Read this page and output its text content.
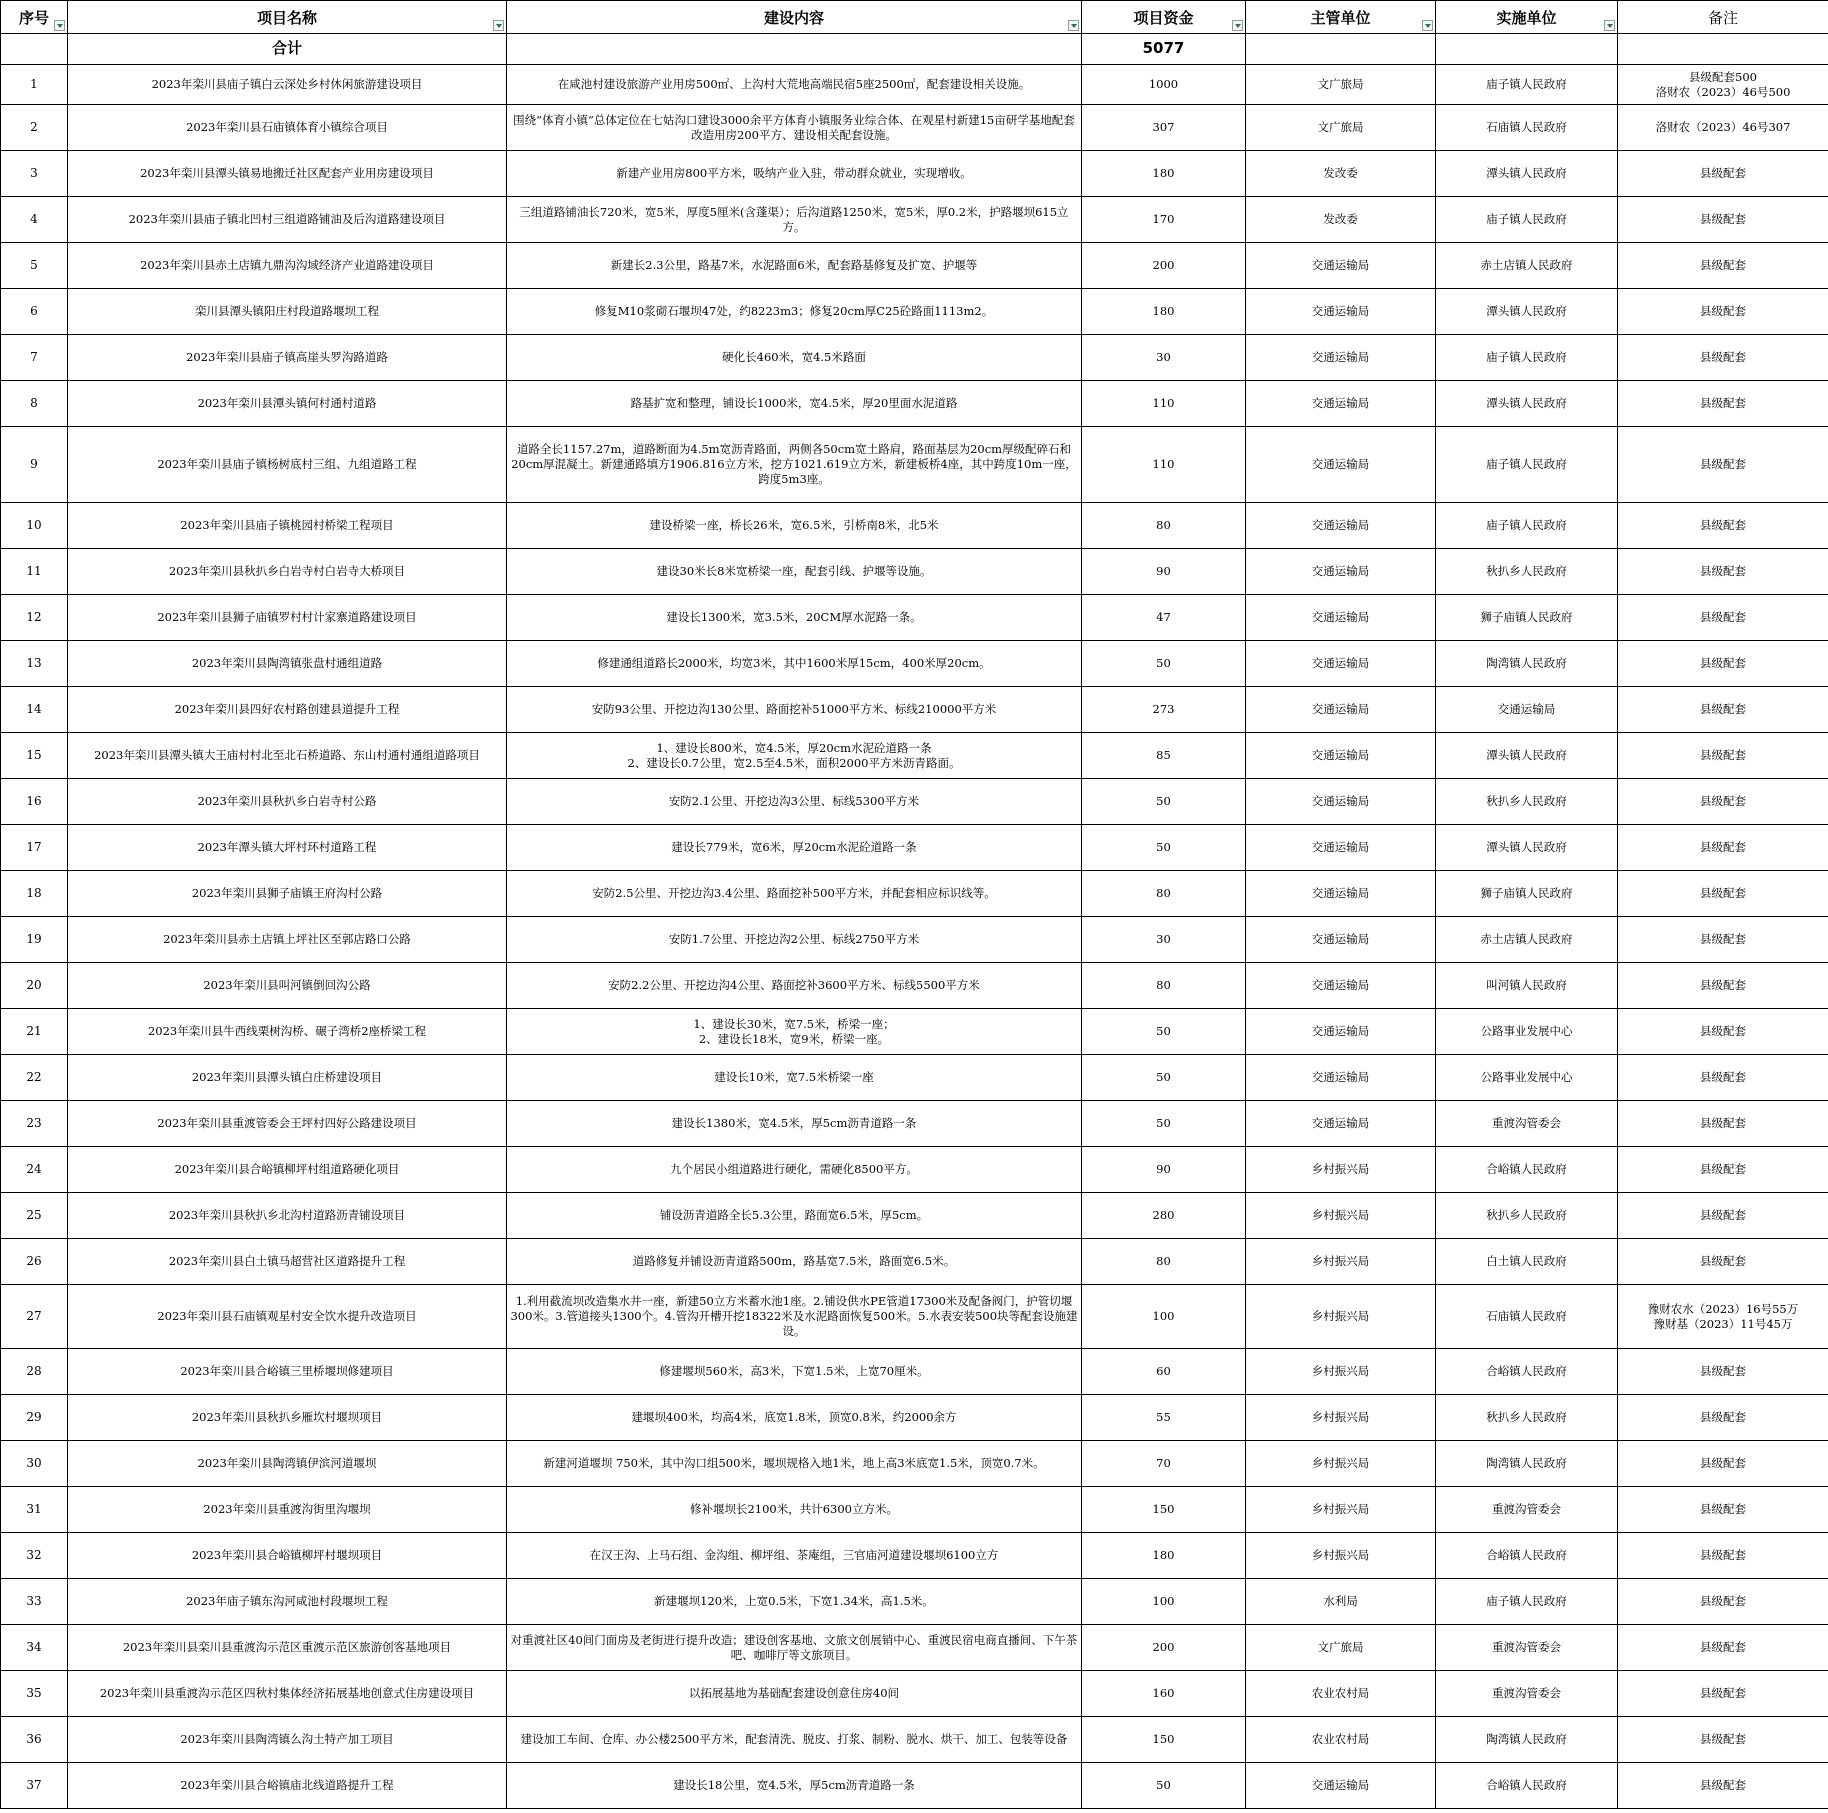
序号	项目名称	建设内容	项目资金	主管单位	实施单位	备注
	合计		5077			
1	2023年栾川县庙子镇白云深处乡村休闲旅游建设项目	在咸池村建设旅游产业用房500㎡、上沟村大荒地高端民宿5座2500㎡，配套建设相关设施。	1000	文广旅局	庙子镇人民政府	县级配套500
洛财农（2023）46号500
2	2023年栾川县石庙镇体育小镇综合项目	围绕“体育小镇”总体定位在七姑沟口建设3000余平方体育小镇服务业综合体、在观星村新建15亩研学基地配套改造用房200平方、建设相关配套设施。	307	文广旅局	石庙镇人民政府	洛财农（2023）46号307
3	2023年栾川县潭头镇易地搬迁社区配套产业用房建设项目	新建产业用房800平方米，吸纳产业入驻，带动群众就业，实现增收。	180	发改委	潭头镇人民政府	县级配套
4	2023年栾川县庙子镇北凹村三组道路铺油及后沟道路建设项目	三组道路铺油长720米，宽5米，厚度5厘米(含蓬渠）；后沟道路1250米，宽5米，厚0.2米，护路堰坝615立方。	170	发改委	庙子镇人民政府	县级配套
5	2023年栾川县赤土店镇九鼎沟沟域经济产业道路建设项目	新建长2.3公里，路基7米，水泥路面6米，配套路基修复及扩宽、护堰等	200	交通运输局	赤土店镇人民政府	县级配套
6	栾川县潭头镇阳庄村段道路堰坝工程	修复M10浆砌石堰坝47处，约8223m3；修复20cm厚C25砼路面1113m2。	180	交通运输局	潭头镇人民政府	县级配套
7	2023年栾川县庙子镇高崖头罗沟路道路	硬化长460米，宽4.5米路面	30	交通运输局	庙子镇人民政府	县级配套
8	2023年栾川县潭头镇何村通村道路	路基扩宽和整理，铺设长1000米，宽4.5米，厚20里面水泥道路	110	交通运输局	潭头镇人民政府	县级配套
9	2023年栾川县庙子镇杨树底村三组、九组道路工程	道路全长1157.27m，道路断面为4.5m宽沥青路面，两侧各50cm宽土路肩，路面基层为20cm厚级配碎石和20cm厚混凝土。新建通路填方1906.816立方米，挖方1021.619立方米，新建板桥4座，其中跨度10m一座，跨度5m3座。	110	交通运输局	庙子镇人民政府	县级配套
10	2023年栾川县庙子镇桃园村桥梁工程项目	建设桥梁一座，桥长26米，宽6.5米，引桥南8米，北5米	80	交通运输局	庙子镇人民政府	县级配套
11	2023年栾川县秋扒乡白岩寺村白岩寺大桥项目	建设30米长8米宽桥梁一座，配套引线、护堰等设施。	90	交通运输局	秋扒乡人民政府	县级配套
12	2023年栾川县狮子庙镇罗村村计家寨道路建设项目	建设长1300米，宽3.5米，20CM厚水泥路一条。	47	交通运输局	狮子庙镇人民政府	县级配套
13	2023年栾川县陶湾镇张盘村通组道路	修建通组道路长2000米，均宽3米，其中1600米厚15cm，400米厚20cm。	50	交通运输局	陶湾镇人民政府	县级配套
14	2023年栾川县四好农村路创建县道提升工程	安防93公里、开挖边沟130公里、路面挖补51000平方米、标线210000平方米	273	交通运输局	交通运输局	县级配套
15	2023年栾川县潭头镇大王庙村村北至北石桥道路、东山村通村通组道路项目	1、建设长800米，宽4.5米，厚20cm水泥砼道路一条
2、建设长0.7公里，宽2.5至4.5米，面积2000平方米沥青路面。	85	交通运输局	潭头镇人民政府	县级配套
16	2023年栾川县秋扒乡白岩寺村公路	安防2.1公里、开挖边沟3公里、标线5300平方米	50	交通运输局	秋扒乡人民政府	县级配套
17	2023年潭头镇大坪村环村道路工程	建设长779米，宽6米，厚20cm水泥砼道路一条	50	交通运输局	潭头镇人民政府	县级配套
18	2023年栾川县狮子庙镇王府沟村公路	安防2.5公里、开挖边沟3.4公里、路面挖补500平方米，并配套相应标识线等。	80	交通运输局	狮子庙镇人民政府	县级配套
19	2023年栾川县赤土店镇上坪社区至郭店路口公路	安防1.7公里、开挖边沟2公里、标线2750平方米	30	交通运输局	赤土店镇人民政府	县级配套
20	2023年栾川县叫河镇倒回沟公路	安防2.2公里、开挖边沟4公里、路面挖补3600平方米、标线5500平方米	80	交通运输局	叫河镇人民政府	县级配套
21	2023年栾川县牛西线栗树沟桥、碾子湾桥2座桥梁工程	1、建设长30米，宽7.5米，桥梁一座；
2、建设长18米，宽9米，桥梁一座。	50	交通运输局	公路事业发展中心	县级配套
22	2023年栾川县潭头镇白庄桥建设项目	建设长10米，宽7.5米桥梁一座	50	交通运输局	公路事业发展中心	县级配套
23	2023年栾川县重渡管委会王坪村四好公路建设项目	建设长1380米，宽4.5米，厚5cm沥青道路一条	50	交通运输局	重渡沟管委会	县级配套
24	2023年栾川县合峪镇柳坪村组道路硬化项目	九个居民小组道路进行硬化，需硬化8500平方。	90	乡村振兴局	合峪镇人民政府	县级配套
25	2023年栾川县秋扒乡北沟村道路沥青铺设项目	铺设沥青道路全长5.3公里，路面宽6.5米，厚5cm。	280	乡村振兴局	秋扒乡人民政府	县级配套
26	2023年栾川县白土镇马超营社区道路提升工程	道路修复并铺设沥青道路500m，路基宽7.5米，路面宽6.5米。	80	乡村振兴局	白土镇人民政府	县级配套
27	2023年栾川县石庙镇观星村安全饮水提升改造项目	1.利用截流坝改造集水井一座，新建50立方米蓄水池1座。2.铺设供水PE管道17300米及配备阀门，护管切堰300米。3.管道接头1300个。4.管沟开槽开挖18322米及水泥路面恢复500米。5.水表安装500块等配套设施建设。	100	乡村振兴局	石庙镇人民政府	豫财农水（2023）16号55万
豫财基（2023）11号45万
28	2023年栾川县合峪镇三里桥堰坝修建项目	修建堰坝560米，高3米，下宽1.5米，上宽70厘米。	60	乡村振兴局	合峪镇人民政府	县级配套
29	2023年栾川县秋扒乡雁坎村堰坝项目	建堰坝400米，均高4米，底宽1.8米，顶宽0.8米，约2000余方	55	乡村振兴局	秋扒乡人民政府	县级配套
30	2023年栾川县陶湾镇伊滨河道堰坝	新建河道堰坝 750米，其中沟口组500米，堰坝规格入地1米，地上高3米底宽1.5米，顶宽0.7米。	70	乡村振兴局	陶湾镇人民政府	县级配套
31	2023年栾川县重渡沟街里沟堰坝	修补堰坝长2100米，共计6300立方米。	150	乡村振兴局	重渡沟管委会	县级配套
32	2023年栾川县合峪镇柳坪村堰坝项目	在汉王沟、上马石组、金沟组、柳坪组、茶庵组，三官庙河道建设堰坝6100立方	180	乡村振兴局	合峪镇人民政府	县级配套
33	2023年庙子镇东沟河咸池村段堰坝工程	新建堰坝120米，上宽0.5米，下宽1.34米，高1.5米。	100	水利局	庙子镇人民政府	县级配套
34	2023年栾川县栾川县重渡沟示范区重渡示范区旅游创客基地项目	对重渡社区40间门面房及老街进行提升改造；建设创客基地、文旅文创展销中心、重渡民宿电商直播间、下午茶吧、咖啡厅等文旅项目。	200	文广旅局	重渡沟管委会	县级配套
35	2023年栾川县重渡沟示范区四秋村集体经济拓展基地创意式住房建设项目	以拓展基地为基础配套建设创意住房40间	160	农业农村局	重渡沟管委会	县级配套
36	2023年栾川县陶湾镇么沟土特产加工项目	建设加工车间、仓库、办公楼2500平方米，配套清洗、脱皮、打浆、制粉、脱水、烘干、加工、包装等设备	150	农业农村局	陶湾镇人民政府	县级配套
37	2023年栾川县合峪镇庙北线道路提升工程	建设长18公里，宽4.5米，厚5cm沥青道路一条	50	交通运输局	合峪镇人民政府	县级配套
